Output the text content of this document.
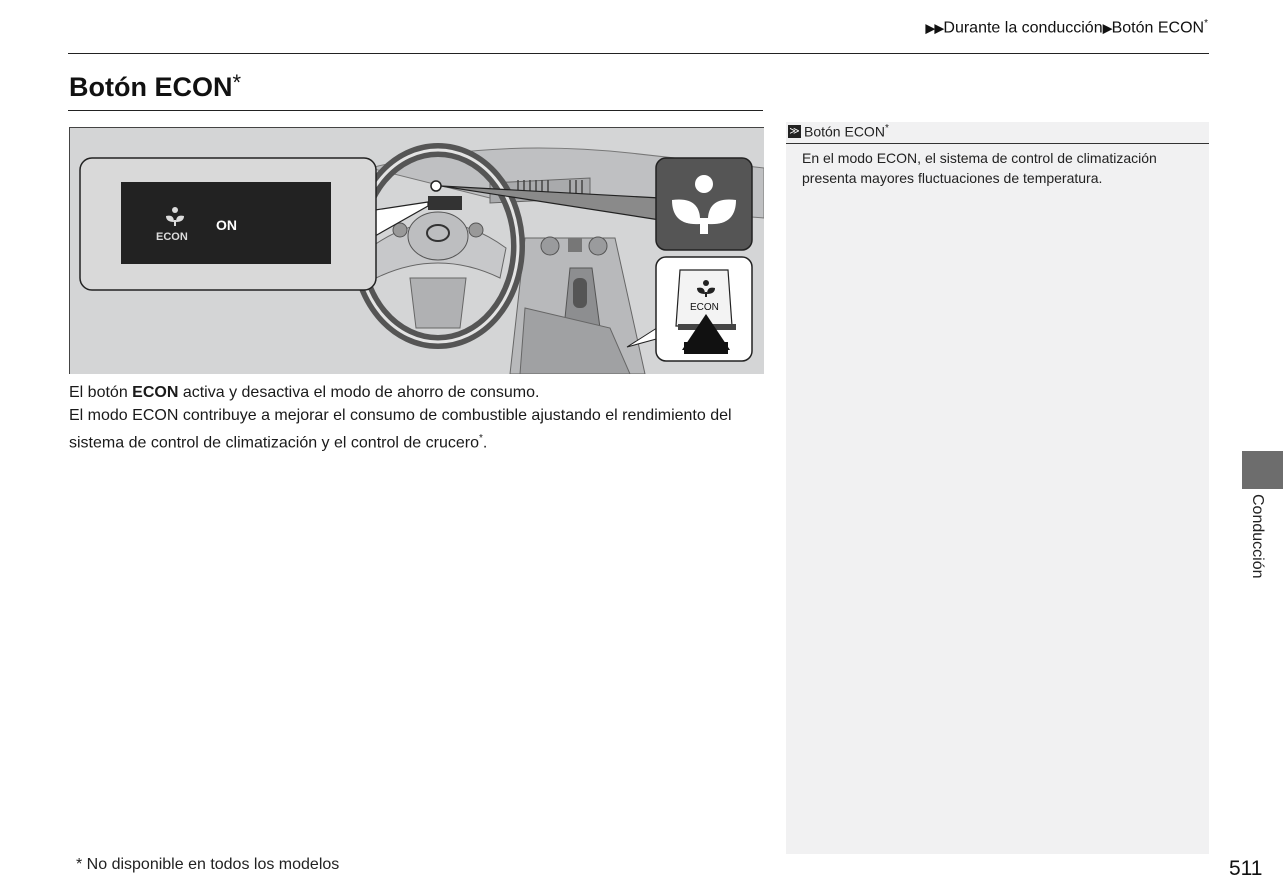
▶▶Durante la conducción▶Botón ECON*
Botón ECON*
ECON
ON
ECON

El botón ECON activa y desactiva el modo de ahorro de consumo.

El modo ECON contribuye a mejorar el consumo de combustible ajustando el rendimiento del sistema de control de climatización y el control de crucero*.

≫ Botón ECON*
En el modo ECON, el sistema de control de climatización presenta mayores fluctuaciones de temperatura.
Conducción
* No disponible en todos los modelos	511
